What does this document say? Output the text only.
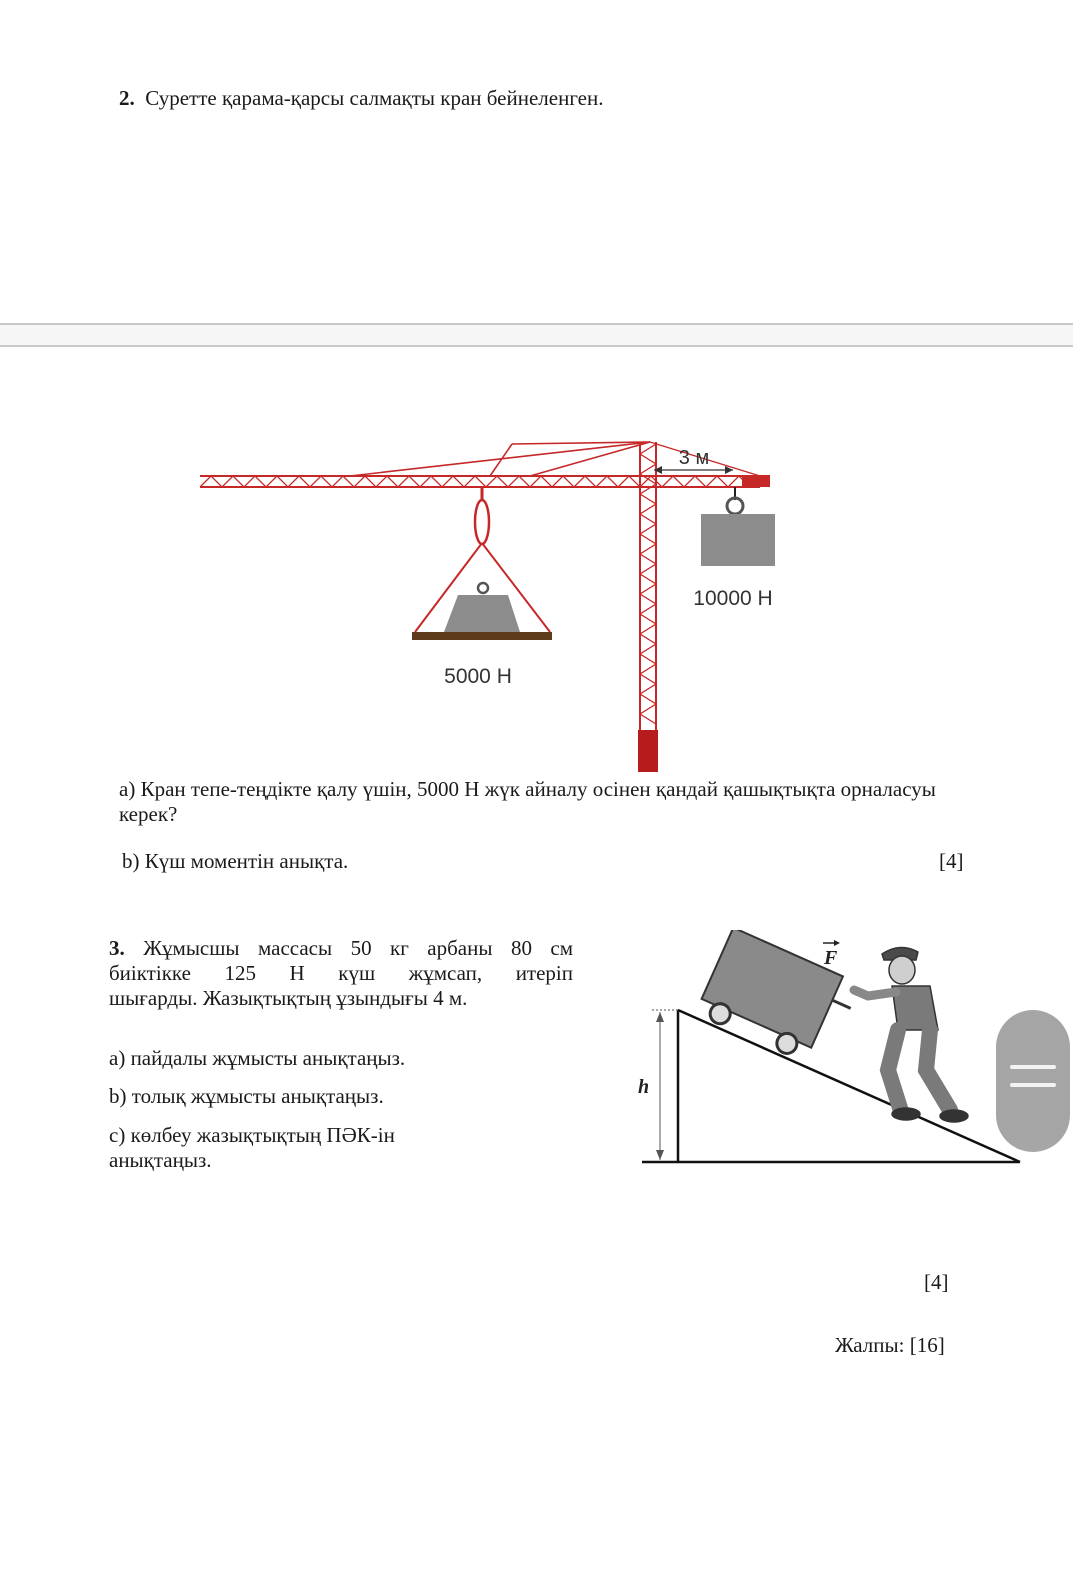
2. Суретте қарама-қарсы салмақты кран бейнеленген.
3 м
10000 Н
5000 Н
а) Кран тепе-теңдікте қалу үшін, 5000 Н жүк айналу осінен қандай қашықтықта орналасуы
керек?
b) Күш моментін анықта.	[4]
3. Жұмысшы массасы 50 кг арбаны 80 см
биіктікке 125 Н күш жұмсап, итеріп
шығарды. Жазықтықтың ұзындығы 4 м.
а) пайдалы жұмысты анықтаңыз.
b) толық жұмысты анықтаңыз.
с) көлбеу жазықтықтың ПӘК-ін
анықтаңыз.
h
F
[4]
Жалпы: [16]
